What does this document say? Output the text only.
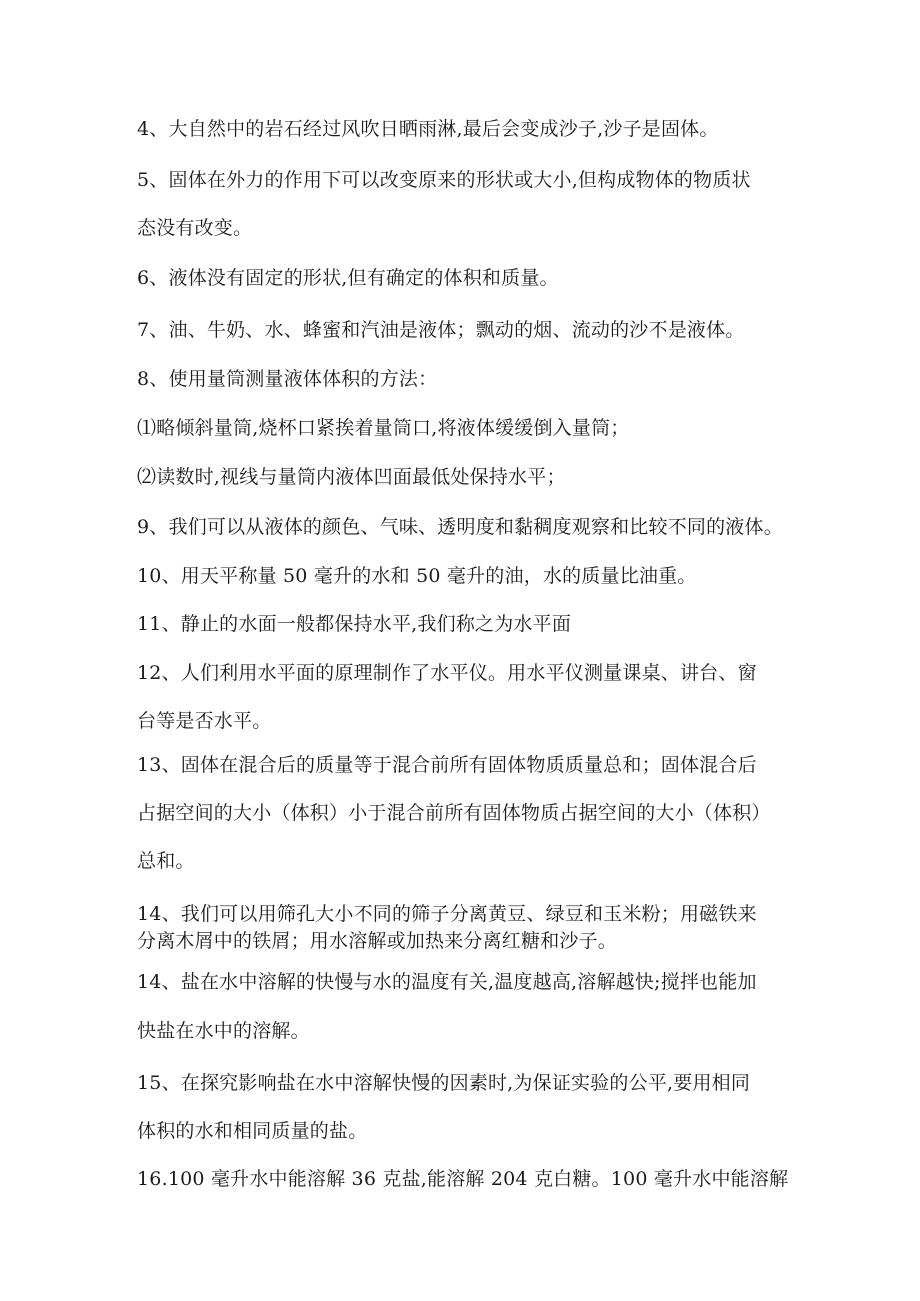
4、大自然中的岩石经过风吹日晒雨淋,最后会变成沙子,沙子是固体。
5、固体在外力的作用下可以改变原来的形状或大小,但构成物体的物质状
态没有改变。
6、液体没有固定的形状,但有确定的体积和质量。
7、油、牛奶、水、蜂蜜和汽油是液体；飘动的烟、流动的沙不是液体。
8、使用量筒测量液体体积的方法：
⑴略倾斜量筒,烧杯口紧挨着量筒口,将液体缓缓倒入量筒；
⑵读数时,视线与量筒内液体凹面最低处保持水平；
9、我们可以从液体的颜色、气味、透明度和黏稠度观察和比较不同的液体。
10、用天平称量 50 毫升的水和 50 毫升的油，水的质量比油重。
11、静止的水面一般都保持水平,我们称之为水平面
12、人们利用水平面的原理制作了水平仪。用水平仪测量课桌、讲台、窗
台等是否水平。
13、固体在混合后的质量等于混合前所有固体物质质量总和；固体混合后
占据空间的大小（体积）小于混合前所有固体物质占据空间的大小（体积）
总和。
14、我们可以用筛孔大小不同的筛子分离黄豆、绿豆和玉米粉；用磁铁来
分离木屑中的铁屑；用水溶解或加热来分离红糖和沙子。
14、盐在水中溶解的快慢与水的温度有关,温度越高,溶解越快;搅拌也能加
快盐在水中的溶解。
15、在探究影响盐在水中溶解快慢的因素时,为保证实验的公平,要用相同
体积的水和相同质量的盐。
16.100 毫升水中能溶解 36 克盐,能溶解 204 克白糖。100 毫升水中能溶解
